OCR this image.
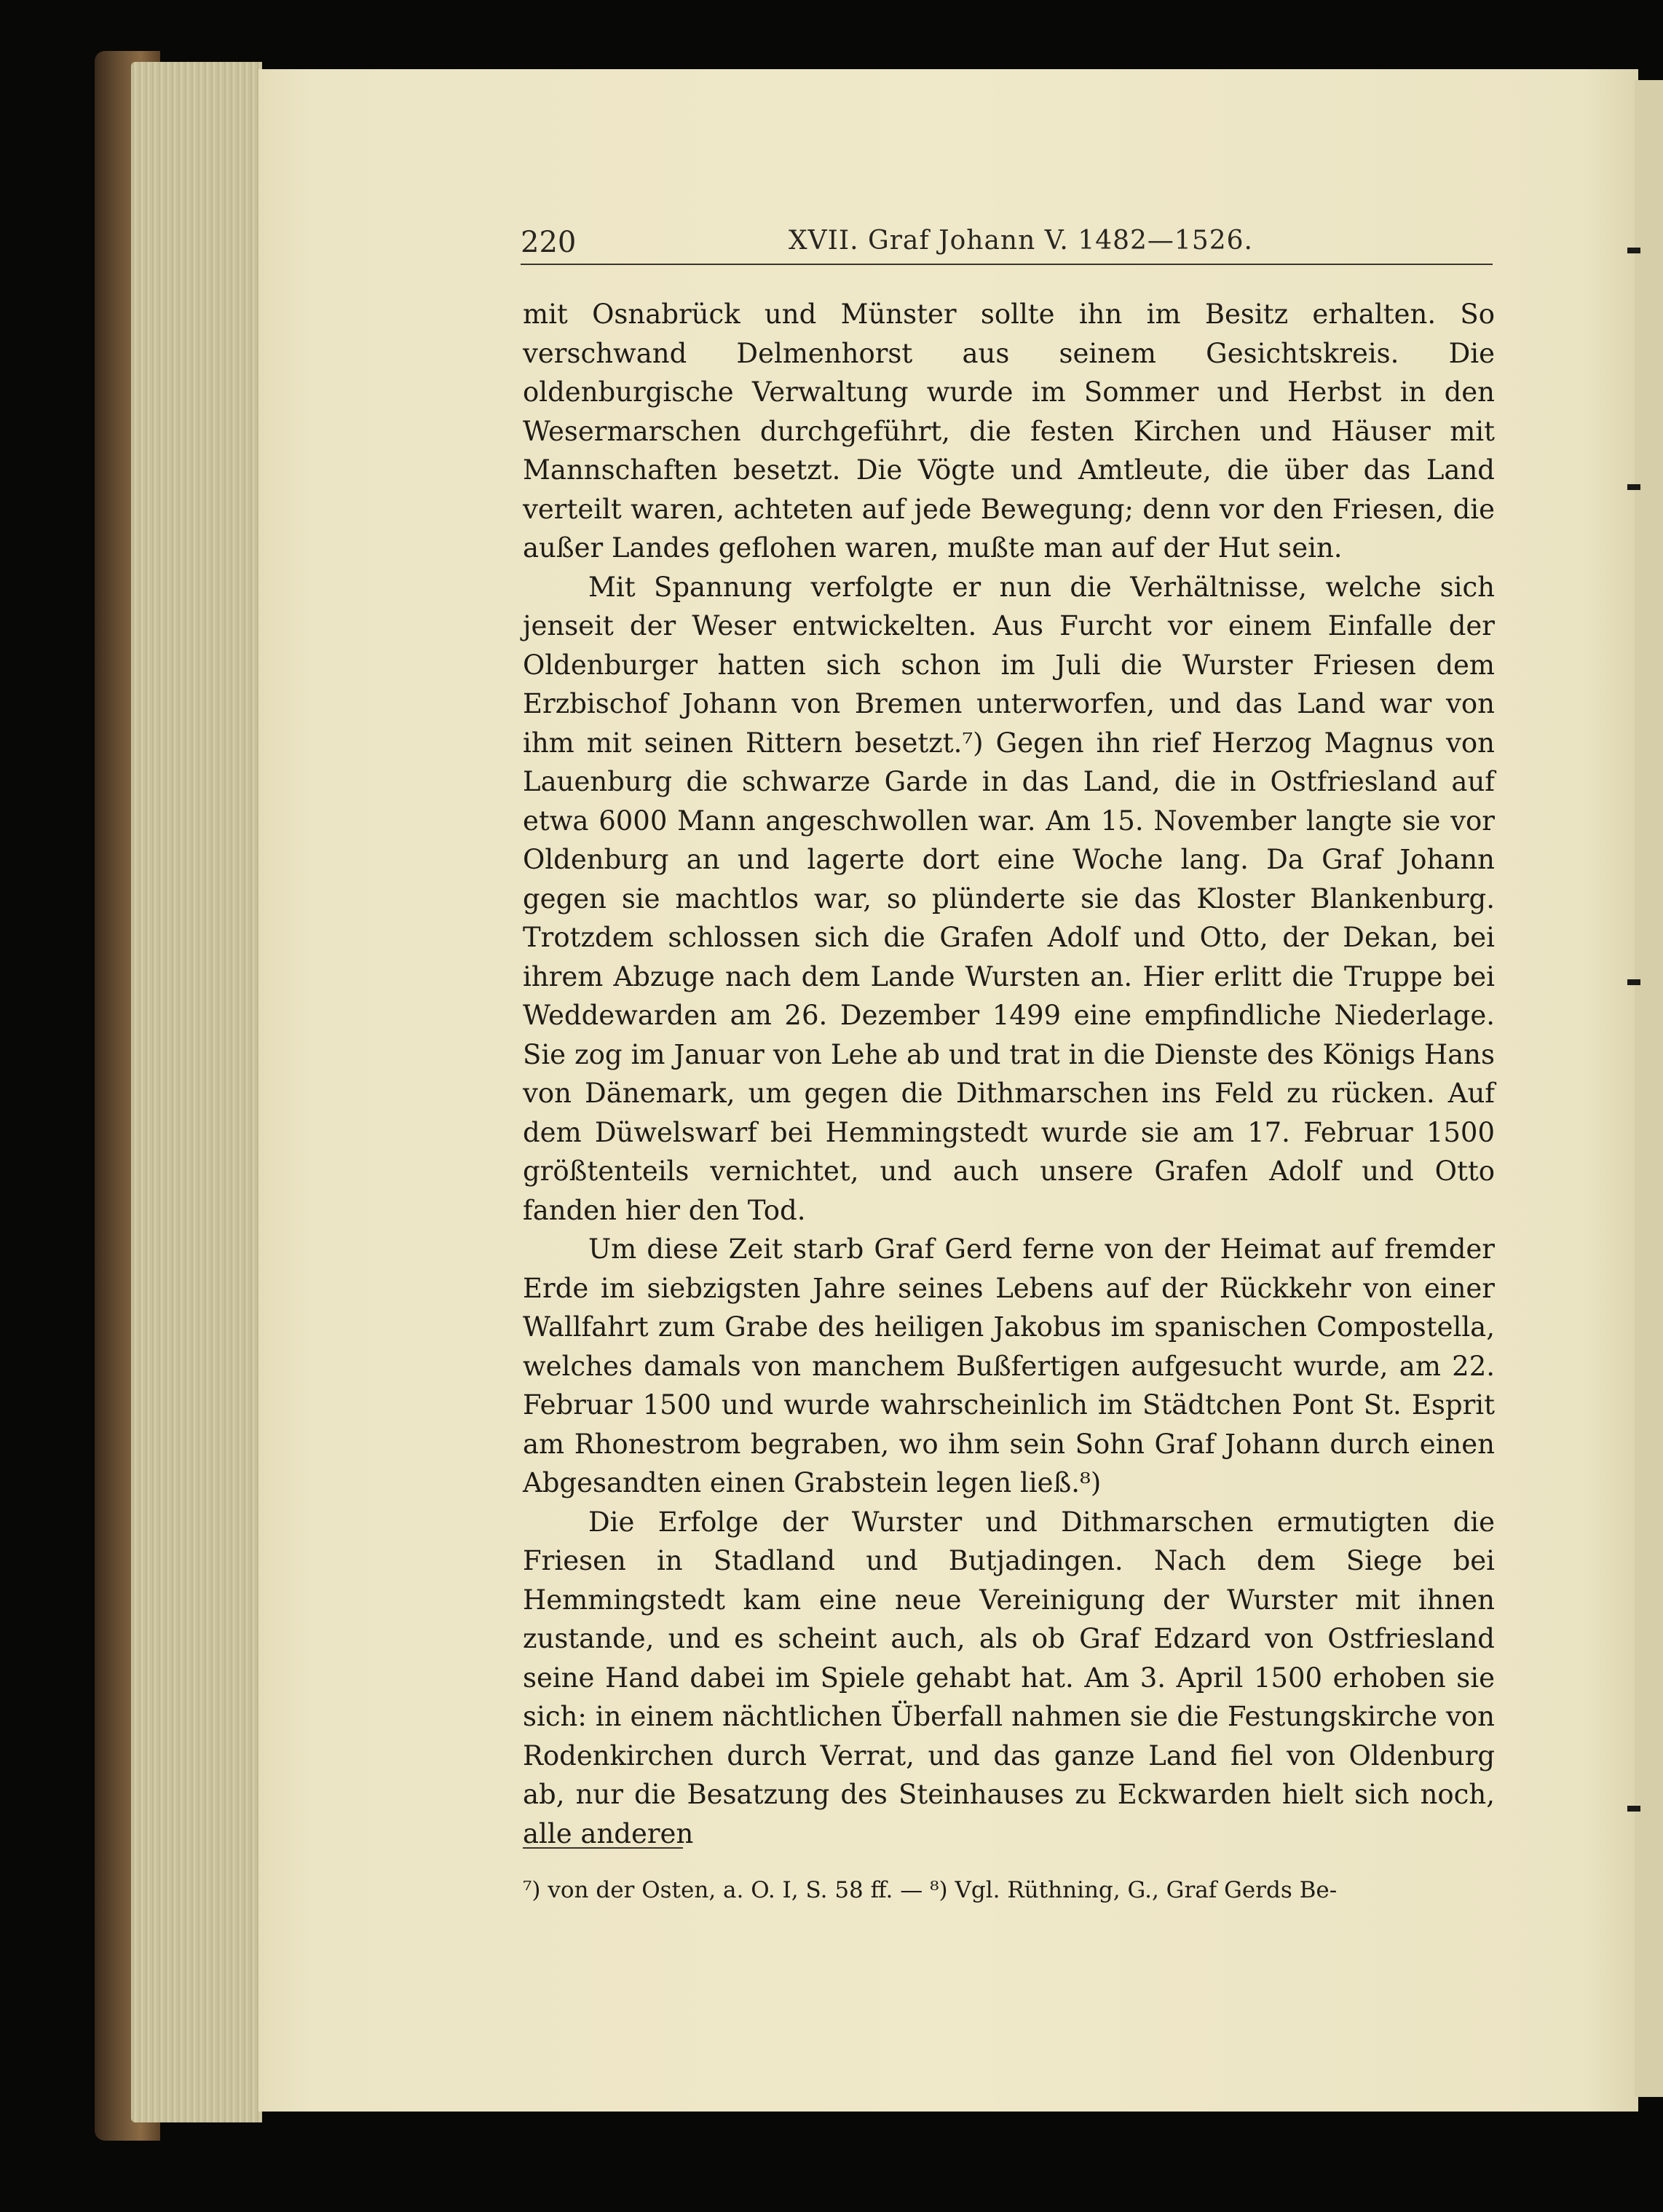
220	XVII. Graf Johann V. 1482—1526.

mit Osnabrück und Münster sollte ihn im Besitz erhalten. So verschwand Delmenhorst aus seinem Gesichtskreis. Die oldenburgische Verwaltung wurde im Sommer und Herbst in den Wesermarschen durchgeführt, die festen Kirchen und Häuser mit Mannschaften besetzt. Die Vögte und Amtleute, die über das Land verteilt waren, achteten auf jede Bewegung; denn vor den Friesen, die außer Landes geflohen waren, mußte man auf der Hut sein.

Mit Spannung verfolgte er nun die Verhältnisse, welche sich jenseit der Weser entwickelten. Aus Furcht vor einem Einfalle der Oldenburger hatten sich schon im Juli die Wurster Friesen dem Erzbischof Johann von Bremen unterworfen, und das Land war von ihm mit seinen Rittern besetzt.⁷) Gegen ihn rief Herzog Magnus von Lauenburg die schwarze Garde in das Land, die in Ostfriesland auf etwa 6000 Mann angeschwollen war. Am 15. November langte sie vor Oldenburg an und lagerte dort eine Woche lang. Da Graf Johann gegen sie machtlos war, so plünderte sie das Kloster Blankenburg. Trotzdem schlossen sich die Grafen Adolf und Otto, der Dekan, bei ihrem Abzuge nach dem Lande Wursten an. Hier erlitt die Truppe bei Weddewarden am 26. Dezember 1499 eine empfindliche Niederlage. Sie zog im Januar von Lehe ab und trat in die Dienste des Königs Hans von Dänemark, um gegen die Dithmarschen ins Feld zu rücken. Auf dem Düwelswarf bei Hemmingstedt wurde sie am 17. Februar 1500 größtenteils vernichtet, und auch unsere Grafen Adolf und Otto fanden hier den Tod.

Um diese Zeit starb Graf Gerd ferne von der Heimat auf fremder Erde im siebzigsten Jahre seines Lebens auf der Rückkehr von einer Wallfahrt zum Grabe des heiligen Jakobus im spanischen Compostella, welches damals von manchem Bußfertigen aufgesucht wurde, am 22. Februar 1500 und wurde wahrscheinlich im Städtchen Pont St. Esprit am Rhonestrom begraben, wo ihm sein Sohn Graf Johann durch einen Abgesandten einen Grabstein legen ließ.⁸)

Die Erfolge der Wurster und Dithmarschen ermutigten die Friesen in Stadland und Butjadingen. Nach dem Siege bei Hemmingstedt kam eine neue Vereinigung der Wurster mit ihnen zustande, und es scheint auch, als ob Graf Edzard von Ostfriesland seine Hand dabei im Spiele gehabt hat. Am 3. April 1500 erhoben sie sich: in einem nächtlichen Überfall nahmen sie die Festungskirche von Rodenkirchen durch Verrat, und das ganze Land fiel von Oldenburg ab, nur die Besatzung des Steinhauses zu Eckwarden hielt sich noch, alle anderen

⁷) von der Osten, a. O. I, S. 58 ff. — ⁸) Vgl. Rüthning, G., Graf Gerds Be-
